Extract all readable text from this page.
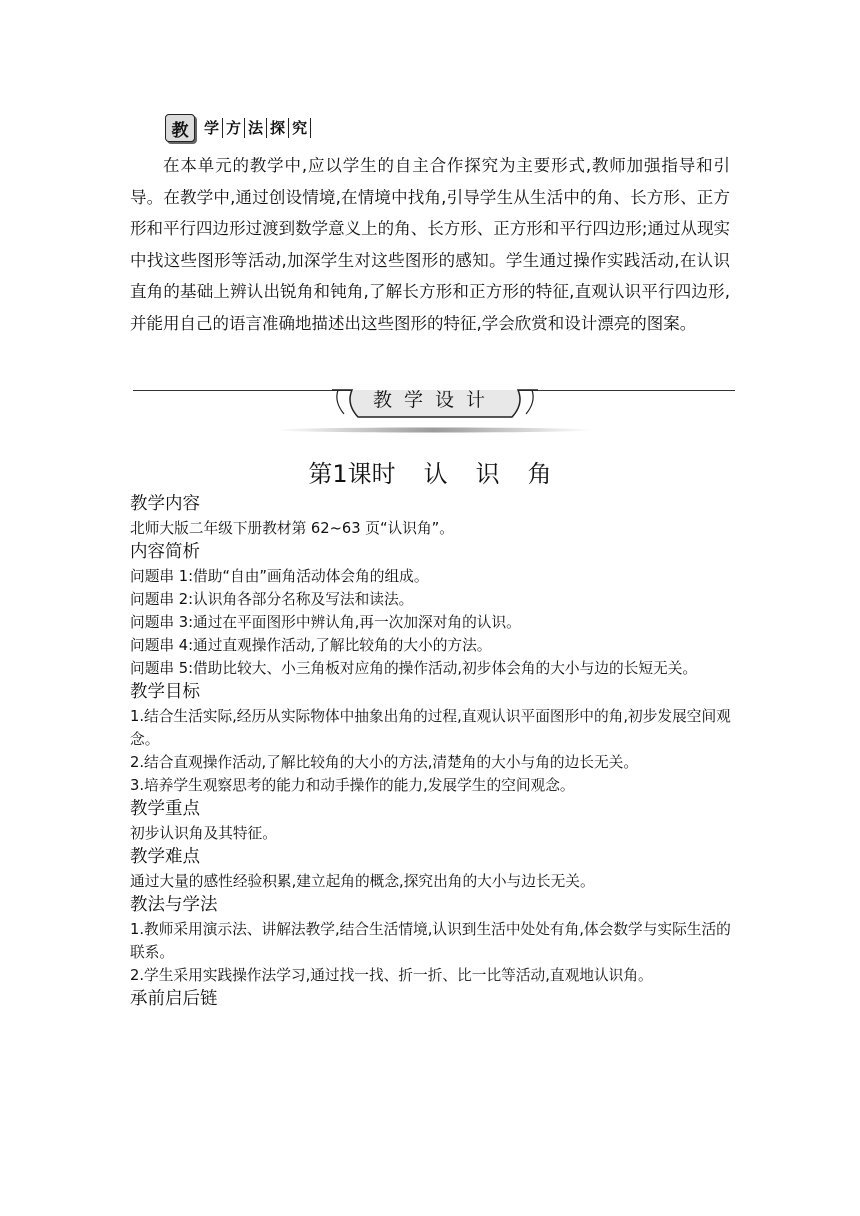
教	学 方 法 探 究

在本单元的教学中,应以学生的自主合作探究为主要形式,教师加强指导和引导。在教学中,通过创设情境,在情境中找角,引导学生从生活中的角、长方形、正方形和平行四边形过渡到数学意义上的角、长方形、正方形和平行四边形;通过从现实中找这些图形等活动,加深学生对这些图形的感知。学生通过操作实践活动,在认识直角的基础上辨认出锐角和钝角,了解长方形和正方形的特征,直观认识平行四边形,并能用自己的语言准确地描述出这些图形的特征,学会欣赏和设计漂亮的图案。

教学设计
第1课时 认 识 角

教学内容

北师大版二年级下册教材第 62~63 页“认识角”。

内容简析

问题串 1:借助“自由”画角活动体会角的组成。

问题串 2:认识角各部分名称及写法和读法。

问题串 3:通过在平面图形中辨认角,再一次加深对角的认识。

问题串 4:通过直观操作活动,了解比较角的大小的方法。

问题串 5:借助比较大、小三角板对应角的操作活动,初步体会角的大小与边的长短无关。

教学目标

1.结合生活实际,经历从实际物体中抽象出角的过程,直观认识平面图形中的角,初步发展空间观念。

2.结合直观操作活动,了解比较角的大小的方法,清楚角的大小与角的边长无关。

3.培养学生观察思考的能力和动手操作的能力,发展学生的空间观念。

教学重点

初步认识角及其特征。

教学难点

通过大量的感性经验积累,建立起角的概念,探究出角的大小与边长无关。

教法与学法

1.教师采用演示法、讲解法教学,结合生活情境,认识到生活中处处有角,体会数学与实际生活的联系。

2.学生采用实践操作法学习,通过找一找、折一折、比一比等活动,直观地认识角。

承前启后链
